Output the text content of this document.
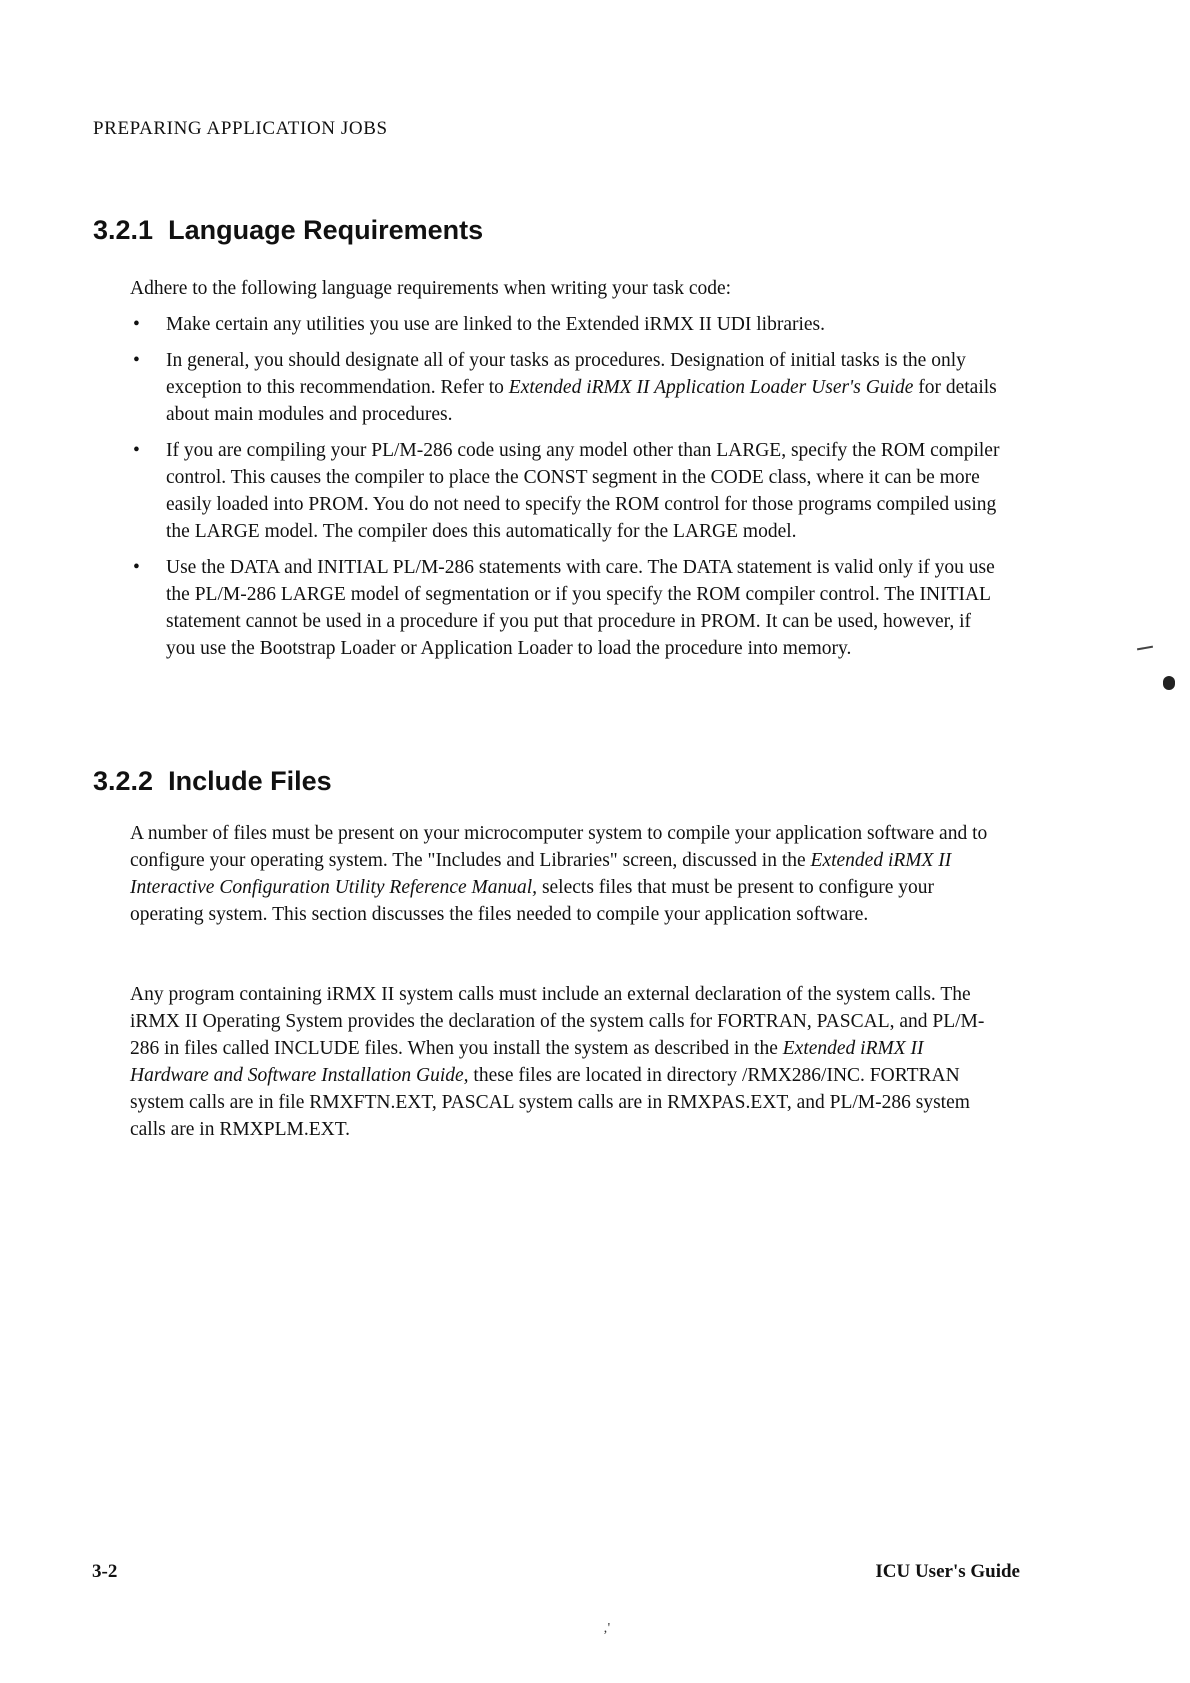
PREPARING APPLICATION JOBS
3.2.1 Language Requirements

Adhere to the following language requirements when writing your task code:

• Make certain any utilities you use are linked to the Extended iRMX II UDI libraries.
• In general, you should designate all of your tasks as procedures. Designation of initial tasks is the only exception to this recommendation. Refer to Extended iRMX II Application Loader User's Guide for details about main modules and procedures.
• If you are compiling your PL/M-286 code using any model other than LARGE, specify the ROM compiler control. This causes the compiler to place the CONST segment in the CODE class, where it can be more easily loaded into PROM. You do not need to specify the ROM control for those programs compiled using the LARGE model. The compiler does this automatically for the LARGE model.
• Use the DATA and INITIAL PL/M-286 statements with care. The DATA statement is valid only if you use the PL/M-286 LARGE model of segmentation or if you specify the ROM compiler control. The INITIAL statement cannot be used in a procedure if you put that procedure in PROM. It can be used, however, if you use the Bootstrap Loader or Application Loader to load the procedure into memory.
3.2.2 Include Files

A number of files must be present on your microcomputer system to compile your application software and to configure your operating system. The "Includes and Libraries" screen, discussed in the Extended iRMX II Interactive Configuration Utility Reference Manual, selects files that must be present to configure your operating system. This section discusses the files needed to compile your application software.

Any program containing iRMX II system calls must include an external declaration of the system calls. The iRMX II Operating System provides the declaration of the system calls for FORTRAN, PASCAL, and PL/M-286 in files called INCLUDE files. When you install the system as described in the Extended iRMX II Hardware and Software Installation Guide, these files are located in directory /RMX286/INC. FORTRAN system calls are in file RMXFTN.EXT, PASCAL system calls are in RMXPAS.EXT, and PL/M-286 system calls are in RMXPLM.EXT.

3-2	ICU User's Guide
‚'
